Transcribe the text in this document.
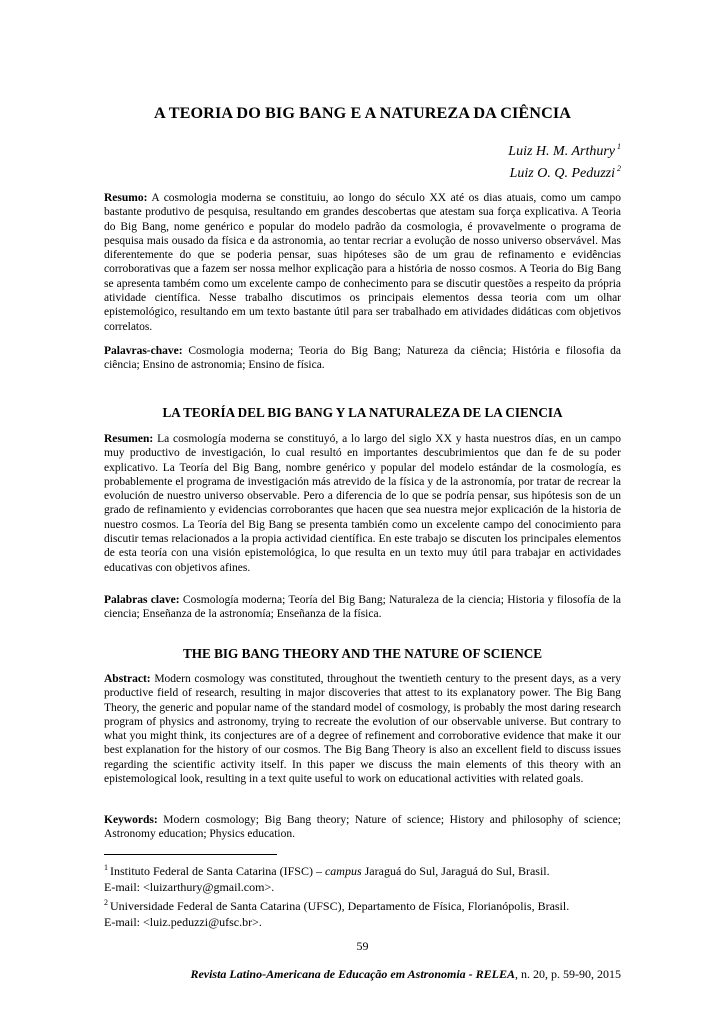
A TEORIA DO BIG BANG E A NATUREZA DA CIÊNCIA
Luiz H. M. Arthury $^1$
Luiz O. Q. Peduzzi $^2$
Resumo: A cosmologia moderna se constituiu, ao longo do século XX até os dias atuais, como um campo bastante produtivo de pesquisa, resultando em grandes descobertas que atestam sua força explicativa. A Teoria do Big Bang, nome genérico e popular do modelo padrão da cosmologia, é provavelmente o programa de pesquisa mais ousado da física e da astronomia, ao tentar recriar a evolução de nosso universo observável. Mas diferentemente do que se poderia pensar, suas hipóteses são de um grau de refinamento e evidências corroborativas que a fazem ser nossa melhor explicação para a história de nosso cosmos. A Teoria do Big Bang se apresenta também como um excelente campo de conhecimento para se discutir questões a respeito da própria atividade científica. Nesse trabalho discutimos os principais elementos dessa teoria com um olhar epistemológico, resultando em um texto bastante útil para ser trabalhado em atividades didáticas com objetivos correlatos.
Palavras-chave: Cosmologia moderna; Teoria do Big Bang; Natureza da ciência; História e filosofia da ciência; Ensino de astronomia; Ensino de física.
LA TEORÍA DEL BIG BANG Y LA NATURALEZA DE LA CIENCIA
Resumen: La cosmología moderna se constituyó, a lo largo del siglo XX y hasta nuestros días, en un campo muy productivo de investigación, lo cual resultó en importantes descubrimientos que dan fe de su poder explicativo. La Teoría del Big Bang, nombre genérico y popular del modelo estándar de la cosmología, es probablemente el programa de investigación más atrevido de la física y de la astronomía, por tratar de recrear la evolución de nuestro universo observable. Pero a diferencia de lo que se podría pensar, sus hipótesis son de un grado de refinamiento y evidencias corroborantes que hacen que sea nuestra mejor explicación de la historia de nuestro cosmos. La Teoría del Big Bang se presenta también como un excelente campo del conocimiento para discutir temas relacionados a la propia actividad científica. En este trabajo se discuten los principales elementos de esta teoría con una visión epistemológica, lo que resulta en un texto muy útil para trabajar en actividades educativas con objetivos afines.
Palabras clave: Cosmología moderna; Teoría del Big Bang; Naturaleza de la ciencia; Historia y filosofía de la ciencia; Enseñanza de la astronomía; Enseñanza de la física.
THE BIG BANG THEORY AND THE NATURE OF SCIENCE
Abstract: Modern cosmology was constituted, throughout the twentieth century to the present days, as a very productive field of research, resulting in major discoveries that attest to its explanatory power. The Big Bang Theory, the generic and popular name of the standard model of cosmology, is probably the most daring research program of physics and astronomy, trying to recreate the evolution of our observable universe. But contrary to what you might think, its conjectures are of a degree of refinement and corroborative evidence that make it our best explanation for the history of our cosmos. The Big Bang Theory is also an excellent field to discuss issues regarding the scientific activity itself. In this paper we discuss the main elements of this theory with an epistemological look, resulting in a text quite useful to work on educational activities with related goals.
Keywords: Modern cosmology; Big Bang theory; Nature of science; History and philosophy of science; Astronomy education; Physics education.
$^1$ Instituto Federal de Santa Catarina (IFSC) – campus Jaraguá do Sul, Jaraguá do Sul, Brasil.
E-mail: <luizarthury@gmail.com>.
$^2$ Universidade Federal de Santa Catarina (UFSC), Departamento de Física, Florianópolis, Brasil.
E-mail: <luiz.peduzzi@ufsc.br>.
59
Revista Latino-Americana de Educação em Astronomia - RELEA, n. 20, p. 59-90, 2015
